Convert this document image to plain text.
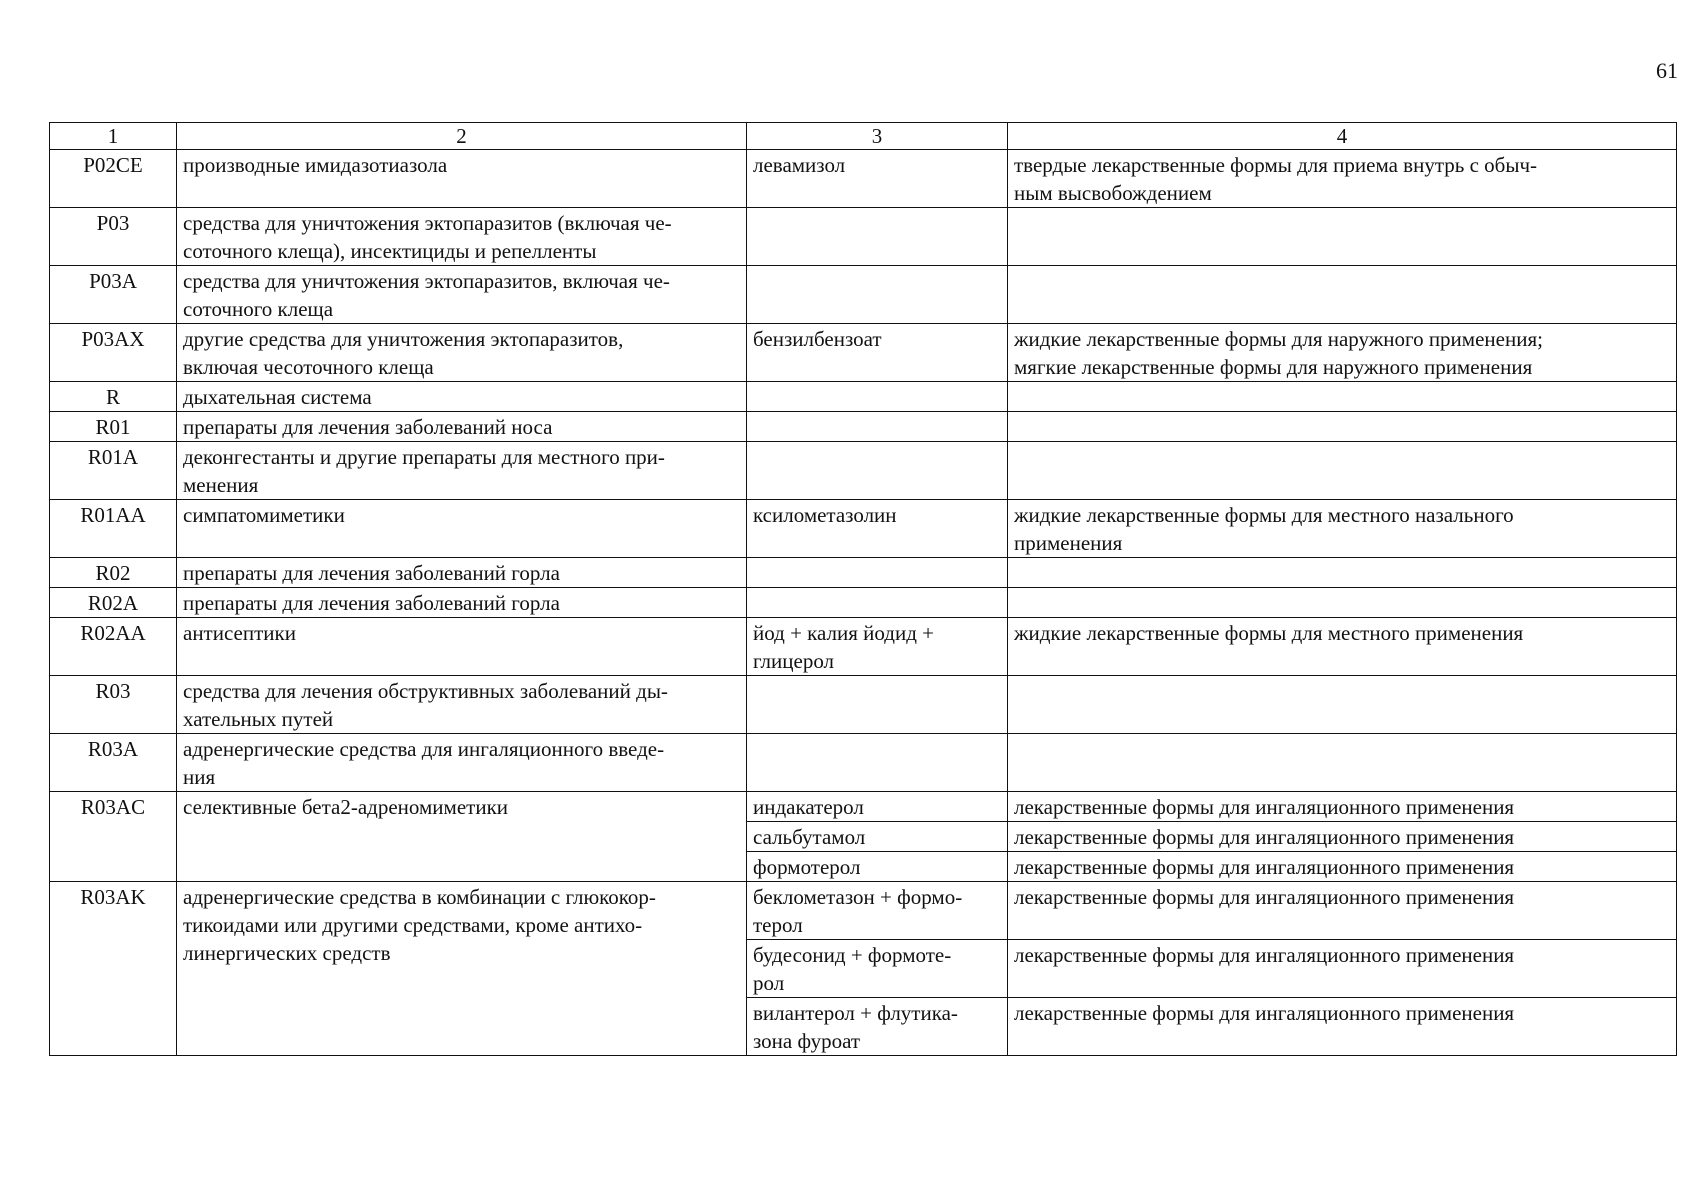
61
1	2	3	4
P02CE	производные имидазотиазола	левамизол	твердые лекарственные формы для приема внутрь с обыч-
ным высвобождением
P03	средства для уничтожения эктопаразитов (включая че-
соточного клеща), инсектициды и репелленты		
P03A	средства для уничтожения эктопаразитов, включая че-
соточного клеща		
P03AX	другие средства для уничтожения эктопаразитов,
включая чесоточного клеща	бензилбензоат	жидкие лекарственные формы для наружного применения;
мягкие лекарственные формы для наружного применения
R	дыхательная система		
R01	препараты для лечения заболеваний носа		
R01A	деконгестанты и другие препараты для местного при-
менения		
R01AA	симпатомиметики	ксилометазолин	жидкие лекарственные формы для местного назального
применения
R02	препараты для лечения заболеваний горла		
R02A	препараты для лечения заболеваний горла		
R02AA	антисептики	йод + калия йодид +
глицерол	жидкие лекарственные формы для местного применения
R03	средства для лечения обструктивных заболеваний ды-
хательных путей		
R03A	адренергические средства для ингаляционного введе-
ния		
R03AC	селективные бета2-адреномиметики	индакатерол	лекарственные формы для ингаляционного применения
		сальбутамол	лекарственные формы для ингаляционного применения
		формотерол	лекарственные формы для ингаляционного применения
R03AK	адренергические средства в комбинации с глюкокор-
тикоидами или другими средствами, кроме антихо-
линергических средств	беклометазон + формо-
терол	лекарственные формы для ингаляционного применения
		будесонид + формоте-
рол	лекарственные формы для ингаляционного применения
		вилантерол + флутика-
зона фуроат	лекарственные формы для ингаляционного применения
